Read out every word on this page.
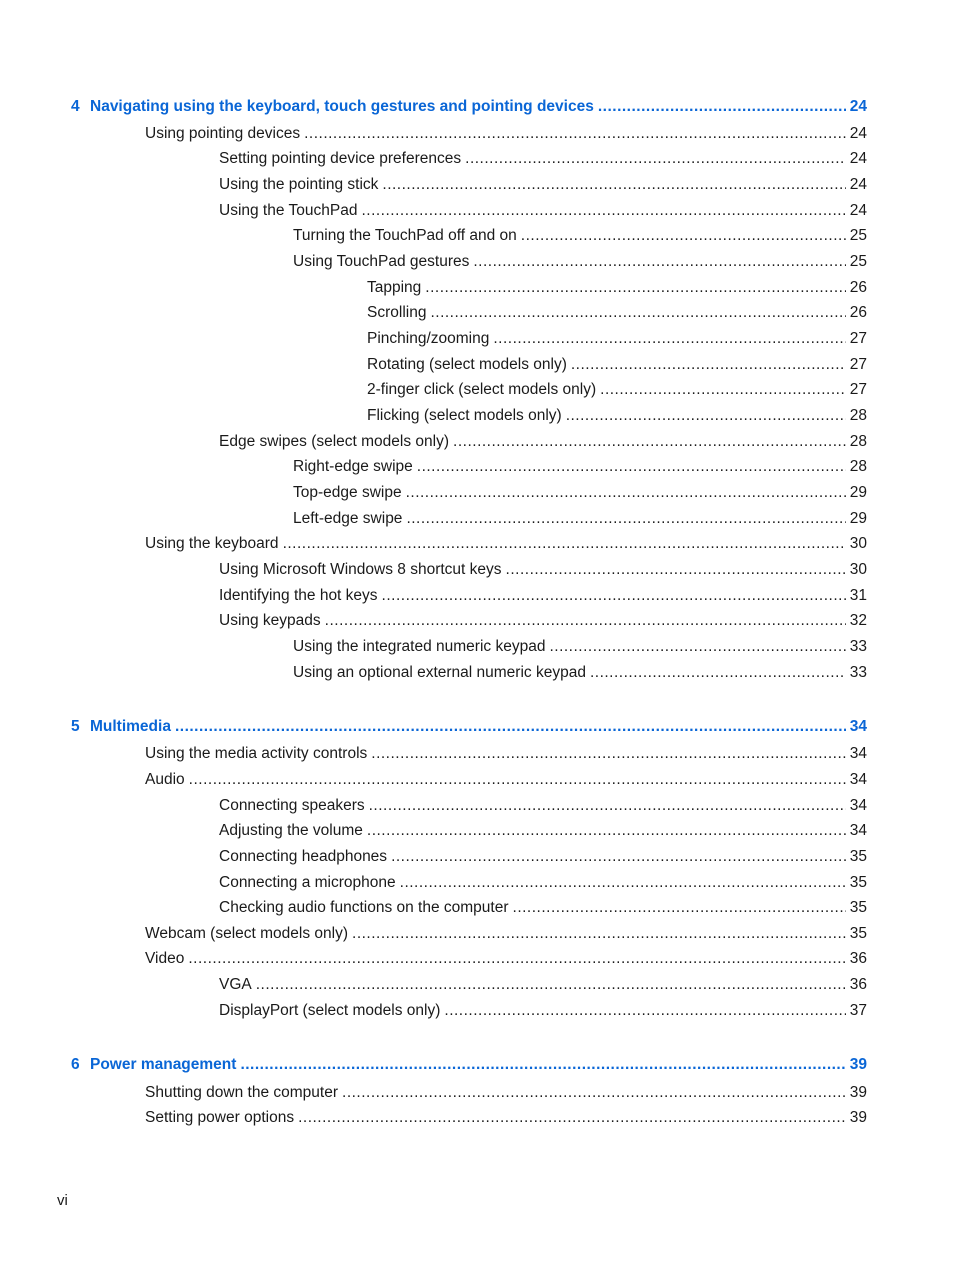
4 Navigating using the keyboard, touch gestures and pointing devices .....	24
Using pointing devices .....	24
Setting pointing device preferences .....	24
Using the pointing stick .....	24
Using the TouchPad .....	24
Turning the TouchPad off and on .....	25
Using TouchPad gestures .....	25
Tapping .....	26
Scrolling .....	26
Pinching/zooming .....	27
Rotating (select models only) .....	27
2-finger click (select models only) .....	27
Flicking (select models only) .....	28
Edge swipes (select models only) .....	28
Right-edge swipe .....	28
Top-edge swipe .....	29
Left-edge swipe .....	29
Using the keyboard .....	30
Using Microsoft Windows 8 shortcut keys .....	30
Identifying the hot keys .....	31
Using keypads .....	32
Using the integrated numeric keypad .....	33
Using an optional external numeric keypad .....	33
5 Multimedia .....	34
Using the media activity controls .....	34
Audio .....	34
Connecting speakers .....	34
Adjusting the volume .....	34
Connecting headphones .....	35
Connecting a microphone .....	35
Checking audio functions on the computer .....	35
Webcam (select models only) .....	35
Video .....	36
VGA .....	36
DisplayPort (select models only) .....	37
6 Power management .....	39
Shutting down the computer .....	39
Setting power options .....	39
vi
